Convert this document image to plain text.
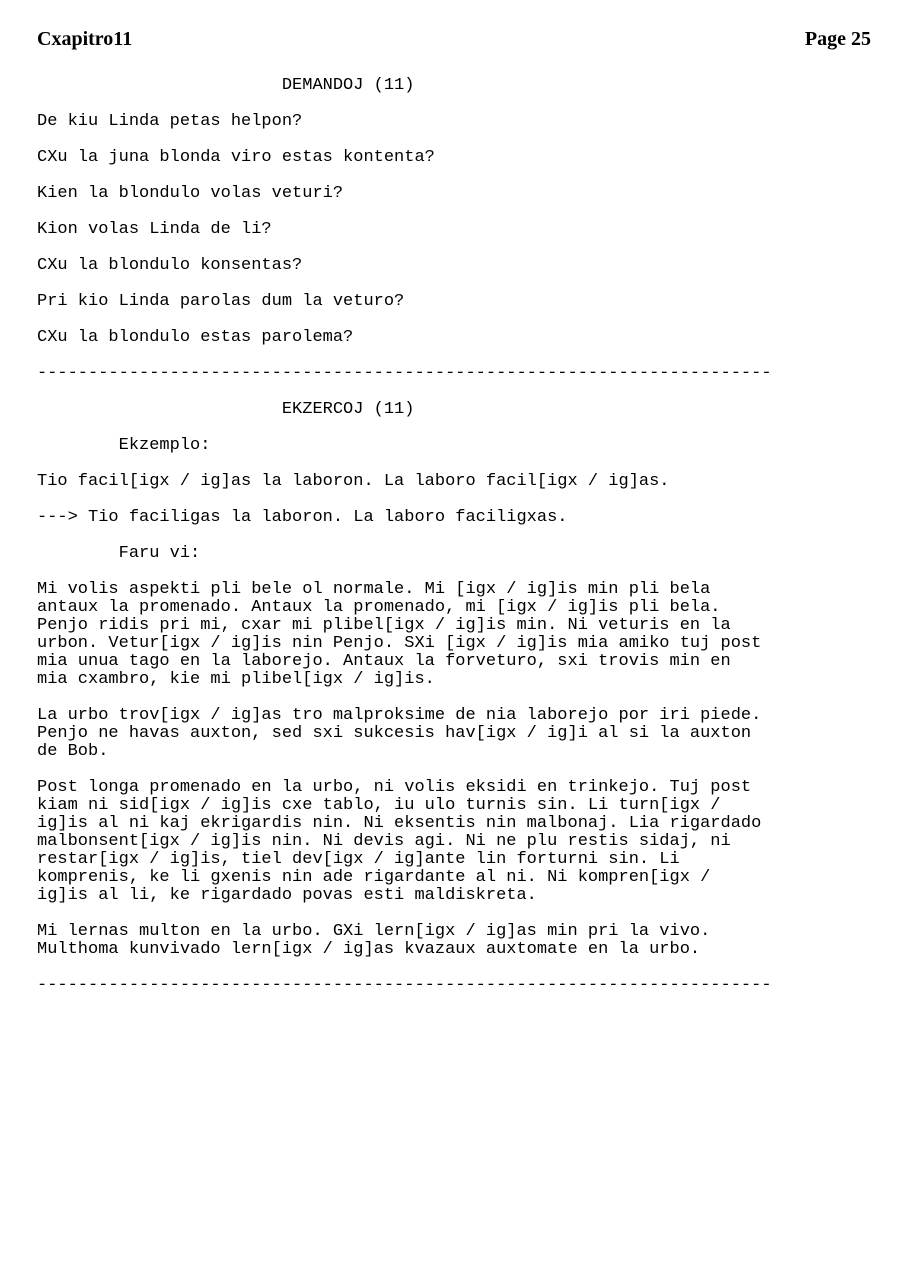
Cxapitro11	Page 25
DEMANDOJ (11)

De kiu Linda petas helpon?

CXu la juna blonda viro estas kontenta?

Kien la blondulo volas veturi?

Kion volas Linda de li?

CXu la blondulo konsentas?

Pri kio Linda parolas dum la veturo?

CXu la blondulo estas parolema?

------------------------------------------------------------------------

EKZERCOJ (11)

Ekzemplo:

Tio facil[igx / ig]as la laboron. La laboro facil[igx / ig]as.

---> Tio faciligas la laboron. La laboro faciligxas.

Faru vi:

Mi volis aspekti pli bele ol normale. Mi [igx / ig]is min pli bela
antaux la promenado. Antaux la promenado, mi [igx / ig]is pli bela.
Penjo ridis pri mi, cxar mi plibel[igx / ig]is min. Ni veturis en la
urbon. Vetur[igx / ig]is nin Penjo. SXi [igx / ig]is mia amiko tuj post
mia unua tago en la laborejo. Antaux la forveturo, sxi trovis min en
mia cxambro, kie mi plibel[igx / ig]is.

La urbo trov[igx / ig]as tro malproksime de nia laborejo por iri piede.
Penjo ne havas auxton, sed sxi sukcesis hav[igx / ig]i al si la auxton
de Bob.

Post longa promenado en la urbo, ni volis eksidi en trinkejo. Tuj post
kiam ni sid[igx / ig]is cxe tablo, iu ulo turnis sin. Li turn[igx /
ig]is al ni kaj ekrigardis nin. Ni eksentis nin malbonaj. Lia rigardado
malbonsent[igx / ig]is nin. Ni devis agi. Ni ne plu restis sidaj, ni
restar[igx / ig]is, tiel dev[igx / ig]ante lin forturni sin. Li
komprenis, ke li gxenis nin ade rigardante al ni. Ni kompren[igx /
ig]is al li, ke rigardado povas esti maldiskreta.

Mi lernas multon en la urbo. GXi lern[igx / ig]as min pri la vivo.
Multhoma kunvivado lern[igx / ig]as kvazaux auxtomate en la urbo.

------------------------------------------------------------------------
